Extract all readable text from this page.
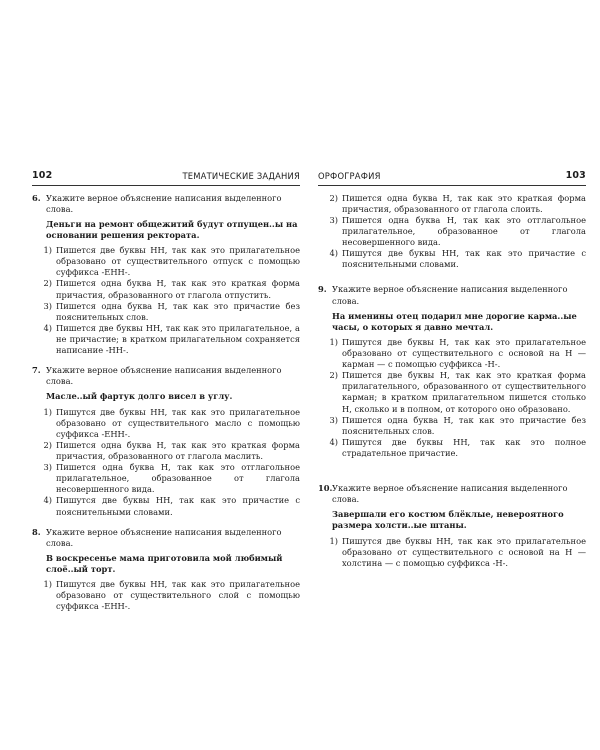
102	ТЕМАТИЧЕСКИЕ ЗАДАНИЯ
6. Укажите верное объяснение написания выделенного слова.
Деньги на ремонт общежитий будут отпущен..ы на основании решения ректората.
1) Пишется две буквы НН, так как это прилагательное образовано от существительного отпуск с помощью суффикса -ЕНН-.
2) Пишется одна буква Н, так как это краткая форма причастия, образованного от глагола отпустить.
3) Пишется одна буква Н, так как это причастие без пояснительных слов.
4) Пишется две буквы НН, так как это прилагательное, а не причастие; в кратком прилагательном сохраняется написание -НН-.
7. Укажите верное объяснение написания выделенного слова.
Масле..ый фартук долго висел в углу.
1) Пишутся две буквы НН, так как это прилагательное образовано от существительного масло с помощью суффикса -ЕНН-.
2) Пишется одна буква Н, так как это краткая форма причастия, образованного от глагола маслить.
3) Пишется одна буква Н, так как это отглагольное прилагательное, образованное от глагола несовершенного вида.
4) Пишутся две буквы НН, так как это причастие с пояснительными словами.
8. Укажите верное объяснение написания выделенного слова.
В воскресенье мама приготовила мой любимый слоё..ый торт.
1) Пишутся две буквы НН, так как это прилагательное образовано от существительного слой с помощью суффикса -ЕНН-.
ОРФОГРАФИЯ	103
2) Пишется одна буква Н, так как это краткая форма причастия, образованного от глагола слоить.
3) Пишется одна буква Н, так как это отглагольное прилагательное, образованное от глагола несовершенного вида.
4) Пишутся две буквы НН, так как это причастие с пояснительными словами.
9. Укажите верное объяснение написания выделенного слова.
На именины отец подарил мне дорогие карма..ые часы, о которых я давно мечтал.
1) Пишутся две буквы Н, так как это прилагательное образовано от существительного с основой на Н — карман — с помощью суффикса -Н-.
2) Пишется две буквы Н, так как это краткая форма прилагательного, образованного от существительного карман; в кратком прилагательном пишется столько Н, сколько и в полном, от которого оно образовано.
3) Пишется одна буква Н, так как это причастие без пояснительных слов.
4) Пишутся две буквы НН, так как это полное страдательное причастие.
10. Укажите верное объяснение написания выделенного слова.
Завершали его костюм блёклые, невероятного размера холсти..ые штаны.
1) Пишутся две буквы НН, так как это прилагательное образовано от существительного с основой на Н — холстина — с помощью суффикса -Н-.
